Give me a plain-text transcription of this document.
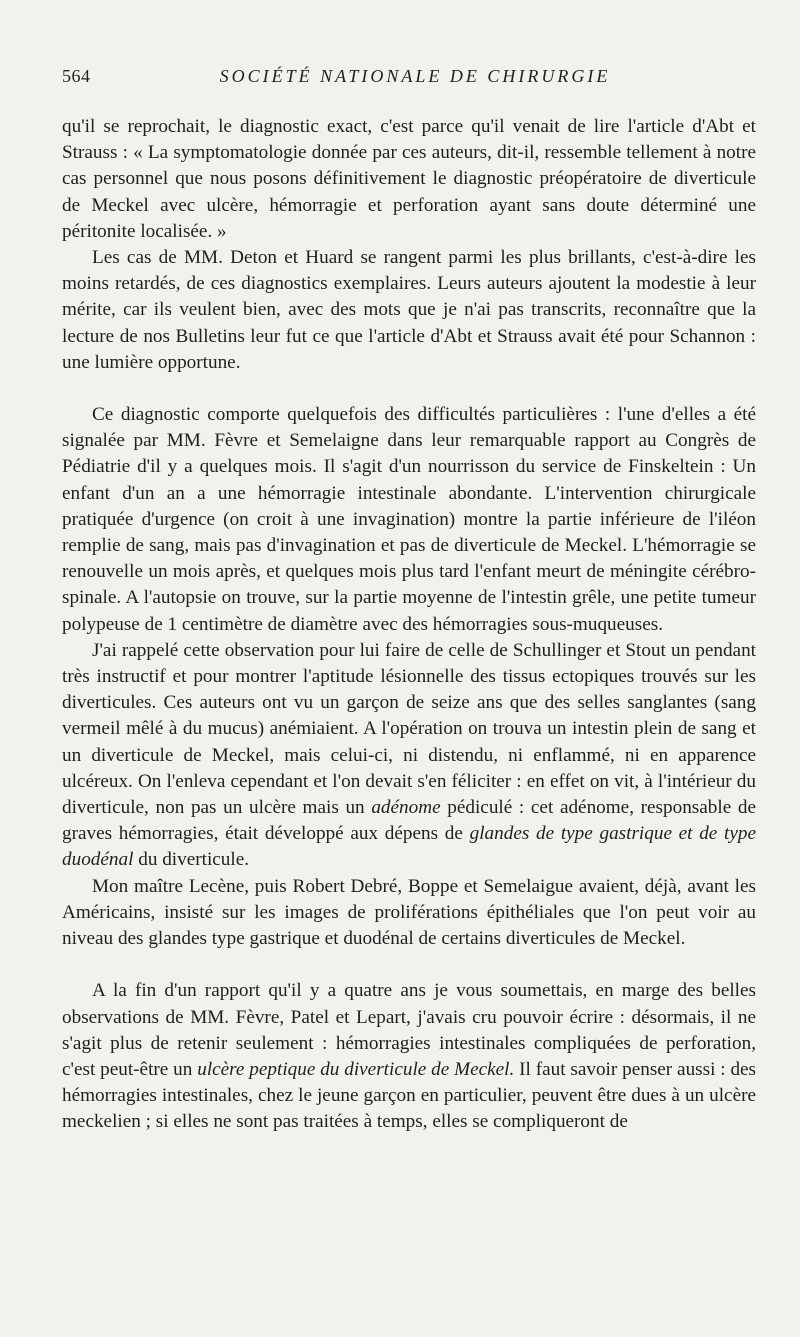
564	SOCIÉTÉ NATIONALE DE CHIRURGIE

qu'il se reprochait, le diagnostic exact, c'est parce qu'il venait de lire l'article d'Abt et Strauss : « La symptomatologie donnée par ces auteurs, dit-il, ressemble tellement à notre cas personnel que nous posons définitivement le diagnostic préopératoire de diverticule de Meckel avec ulcère, hémorragie et perforation ayant sans doute déterminé une péritonite localisée. »

Les cas de MM. Deton et Huard se rangent parmi les plus brillants, c'est-à-dire les moins retardés, de ces diagnostics exemplaires. Leurs auteurs ajoutent la modestie à leur mérite, car ils veulent bien, avec des mots que je n'ai pas transcrits, reconnaître que la lecture de nos Bulletins leur fut ce que l'article d'Abt et Strauss avait été pour Schannon : une lumière opportune.

Ce diagnostic comporte quelquefois des difficultés particulières : l'une d'elles a été signalée par MM. Fèvre et Semelaigne dans leur remarquable rapport au Congrès de Pédiatrie d'il y a quelques mois. Il s'agit d'un nourrisson du service de Finskeltein : Un enfant d'un an a une hémorragie intestinale abondante. L'intervention chirurgicale pratiquée d'urgence (on croit à une invagination) montre la partie inférieure de l'iléon remplie de sang, mais pas d'invagination et pas de diverticule de Meckel. L'hémorragie se renouvelle un mois après, et quelques mois plus tard l'enfant meurt de méningite cérébro-spinale. A l'autopsie on trouve, sur la partie moyenne de l'intestin grêle, une petite tumeur polypeuse de 1 centimètre de diamètre avec des hémorragies sous-muqueuses.

J'ai rappelé cette observation pour lui faire de celle de Schullinger et Stout un pendant très instructif et pour montrer l'aptitude lésionnelle des tissus ectopiques trouvés sur les diverticules. Ces auteurs ont vu un garçon de seize ans que des selles sanglantes (sang vermeil mêlé à du mucus) anémiaient. A l'opération on trouva un intestin plein de sang et un diverticule de Meckel, mais celui-ci, ni distendu, ni enflammé, ni en apparence ulcéreux. On l'enleva cependant et l'on devait s'en féliciter : en effet on vit, à l'intérieur du diverticule, non pas un ulcère mais un adénome pédiculé : cet adénome, responsable de graves hémorragies, était développé aux dépens de glandes de type gastrique et de type duodénal du diverticule.

Mon maître Lecène, puis Robert Debré, Boppe et Semelaigue avaient, déjà, avant les Américains, insisté sur les images de proliférations épithéliales que l'on peut voir au niveau des glandes type gastrique et duodénal de certains diverticules de Meckel.

A la fin d'un rapport qu'il y a quatre ans je vous soumettais, en marge des belles observations de MM. Fèvre, Patel et Lepart, j'avais cru pouvoir écrire : désormais, il ne s'agit plus de retenir seulement : hémorragies intestinales compliquées de perforation, c'est peut-être un ulcère peptique du diverticule de Meckel. Il faut savoir penser aussi : des hémorragies intestinales, chez le jeune garçon en particulier, peuvent être dues à un ulcère meckelien ; si elles ne sont pas traitées à temps, elles se compliqueront de
